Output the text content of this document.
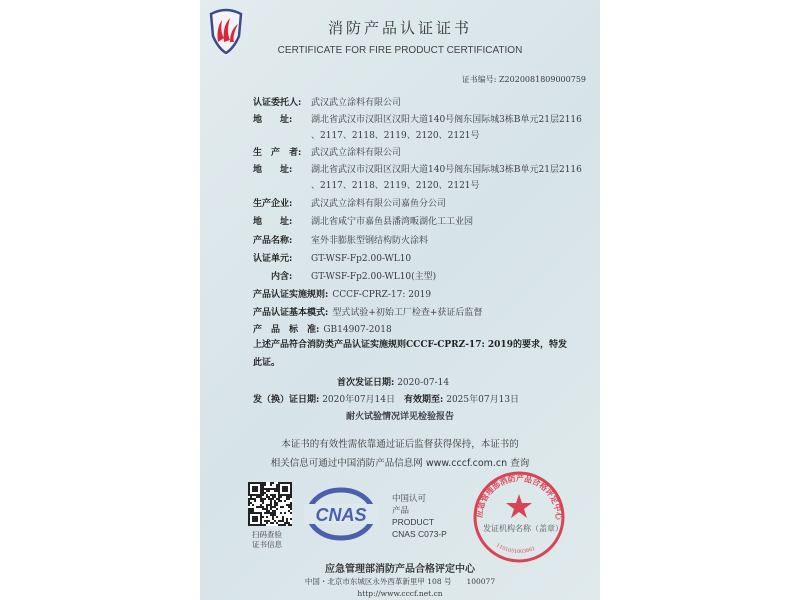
消防产品认证证书
CERTIFICATE FOR FIRE PRODUCT CERTIFICATION
证书编号: Z2020081809000759
认证委托人: 武汉武立涂料有限公司
地　　址: 湖北省武汉市汉阳区汉阳大道140号阁东国际城3栋B单元21层2116
、2117、2118、2119、2120、2121号
生　产　者: 武汉武立涂料有限公司
地　　址: 湖北省武汉市汉阳区汉阳大道140号阁东国际城3栋B单元21层2116
、2117、2118、2119、2120、2121号
生产企业: 武汉武立涂料有限公司嘉鱼分公司
地　　址: 湖北省咸宁市嘉鱼县潘湾畈湖化工工业园
产品名称: 室外非膨胀型钢结构防火涂料
认证单元: GT-WSF-Fp2.00-WL10
　　内含: GT-WSF-Fp2.00-WL10(主型)
产品认证实施规则: CCCF-CPRZ-17: 2019
产品认证基本模式: 型式试验+初始工厂检查+获证后监督
产　品　标　准: GB14907-2018
上述产品符合消防类产品认证实施规则CCCF-CPRZ-17: 2019的要求，特发
此证。
首次发证日期: 2020-07-14
发（换）证日期: 2020年07月14日　 有效期至: 2025年07月13日
耐火试验情况详见检验报告
本证书的有效性需依靠通过证后监督获得保持，本证书的
相关信息可通过中国消防产品信息网 www.cccf.com.cn 查询
扫码查验
证书信息
CNAS
中国认可
产品
PRODUCT
CNAS C073-P
应急管理部消防产品合格评定中心
1101051003661
发证机构名称（盖章）
应急管理部消防产品合格评定中心
中国・北京市东城区永外西革新里甲 108 号　　100077
http://www.cccf.net.cn
